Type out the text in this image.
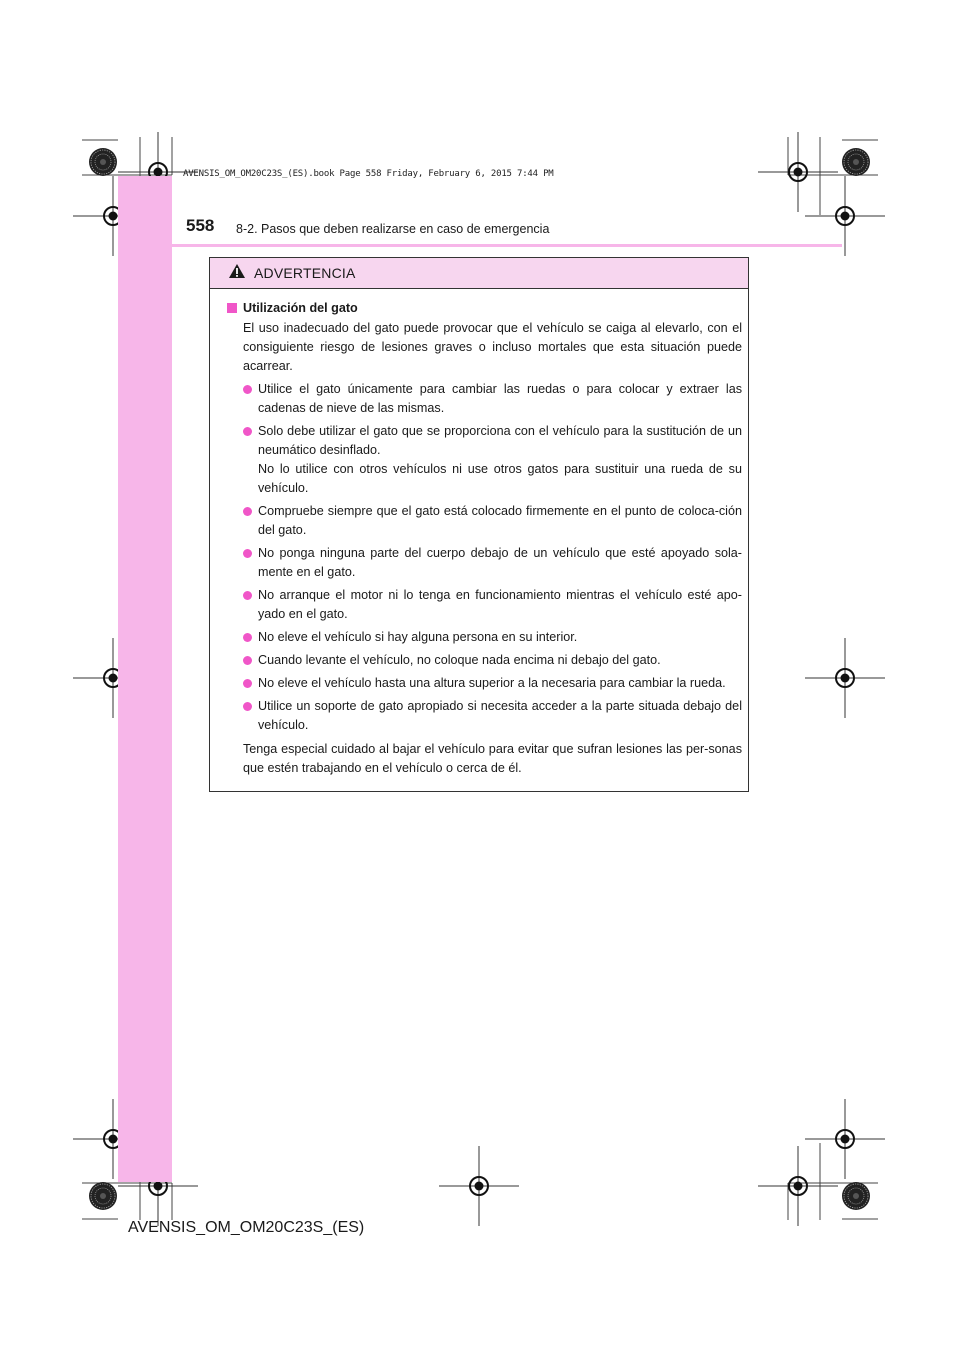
AVENSIS_OM_OM20C23S_(ES).book Page 558 Friday, February 6, 2015 7:44 PM
558 8-2. Pasos que deben realizarse en caso de emergencia
ADVERTENCIA
Utilización del gato
El uso inadecuado del gato puede provocar que el vehículo se caiga al elevarlo, con el consiguiente riesgo de lesiones graves o incluso mortales que esta situación puede acarrear.
Utilice el gato únicamente para cambiar las ruedas o para colocar y extraer las cadenas de nieve de las mismas.
Solo debe utilizar el gato que se proporciona con el vehículo para la sustitución de un neumático desinflado.
No lo utilice con otros vehículos ni use otros gatos para sustituir una rueda de su vehículo.
Compruebe siempre que el gato está colocado firmemente en el punto de coloca-ción del gato.
No ponga ninguna parte del cuerpo debajo de un vehículo que esté apoyado sola-mente en el gato.
No arranque el motor ni lo tenga en funcionamiento mientras el vehículo esté apo-yado en el gato.
No eleve el vehículo si hay alguna persona en su interior.
Cuando levante el vehículo, no coloque nada encima ni debajo del gato.
No eleve el vehículo hasta una altura superior a la necesaria para cambiar la rueda.
Utilice un soporte de gato apropiado si necesita acceder a la parte situada debajo del vehículo.
Tenga especial cuidado al bajar el vehículo para evitar que sufran lesiones las per-sonas que estén trabajando en el vehículo o cerca de él.
AVENSIS_OM_OM20C23S_(ES)
